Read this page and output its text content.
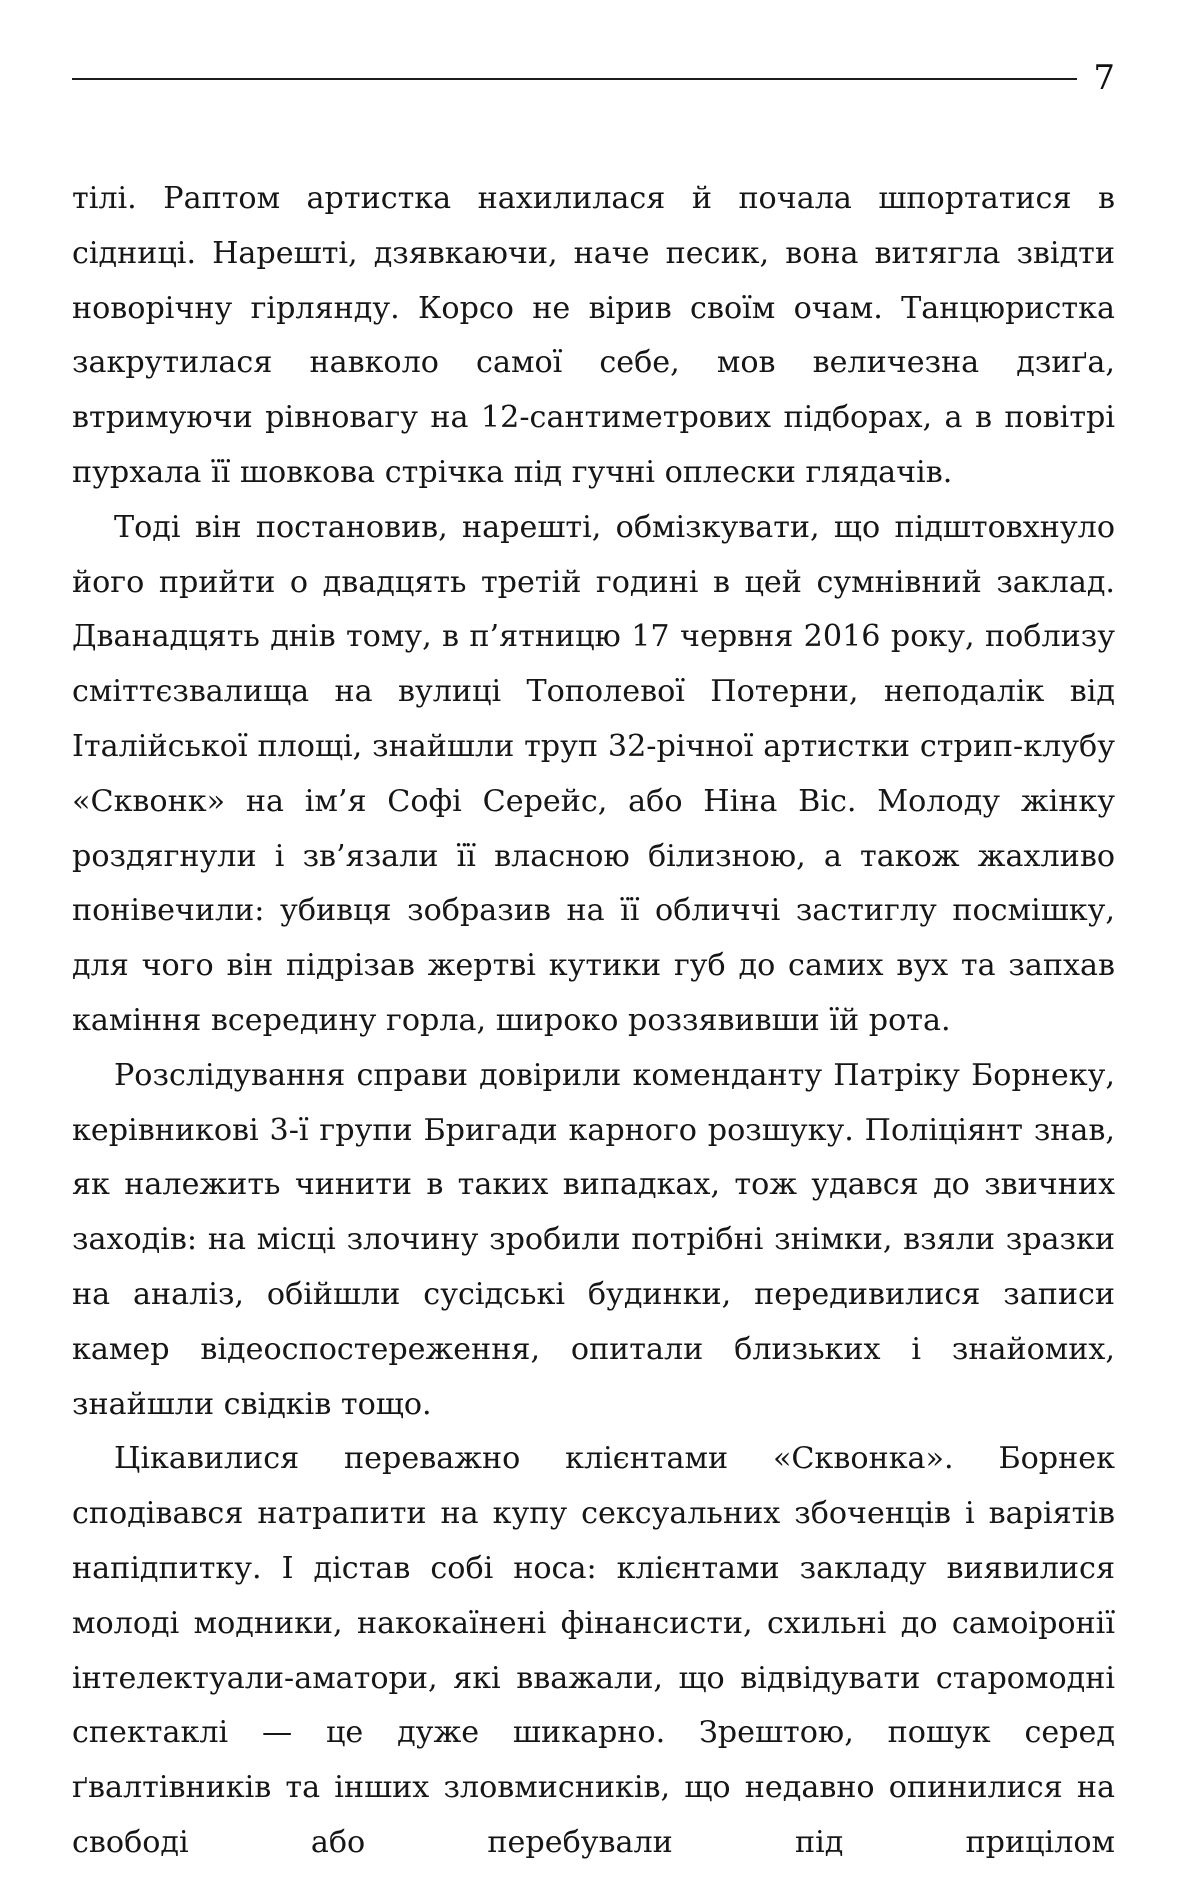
7

тілі. Раптом артистка нахилилася й почала шпортатися в сідниці. Нарешті, дзявкаючи, наче песик, вона витягла звідти новорічну гірлянду. Корсо не вірив своїм очам. Танцюристка закрутилася навколо самої себе, мов величезна дзиґа, втримуючи рівновагу на 12-сантиметрових підборах, а в повітрі пурхала її шовкова стрічка під гучні оплески глядачів.

Тоді він постановив, нарешті, обмізкувати, що підштовхнуло його прийти о двадцять третій годині в цей сумнівний заклад. Дванадцять днів тому, в п’ятницю 17 червня 2016 року, поблизу сміттєзвалища на вулиці Тополевої Потерни, неподалік від Італійської площі, знайшли труп 32-річної артистки стрип-клубу «Сквонк» на ім’я Софі Серейс, або Ніна Віс. Молоду жінку роздягнули і зв’язали її власною білизною, а також жахливо понівечили: убивця зобразив на її обличчі застиглу посмішку, для чого він підрізав жертві кутики губ до самих вух та запхав каміння всередину горла, широко роззявивши їй рота.

Розслідування справи довірили коменданту Патріку Борнеку, керівникові 3-ї групи Бригади карного розшуку. Поліціянт знав, як належить чинити в таких випадках, тож удався до звичних заходів: на місці злочину зробили потрібні знімки, взяли зразки на аналіз, обійшли сусідські будинки, передивилися записи камер відеоспостереження, опитали близьких і знайомих, знайшли свідків тощо.

Цікавилися переважно клієнтами «Сквонка». Борнек сподівався натрапити на купу сексуальних збоченців і варіятів напідпитку. І дістав собі носа: клієнтами закладу виявилися молоді модники, накокаїнені фінансисти, схильні до самоіронії інтелектуали-аматори, які вважали, що відвідувати старомодні спектаклі — це дуже шикарно. Зрештою, пошук серед ґвалтівників та інших зловмисників, що недавно опинилися на свободі або перебували під прицілом
